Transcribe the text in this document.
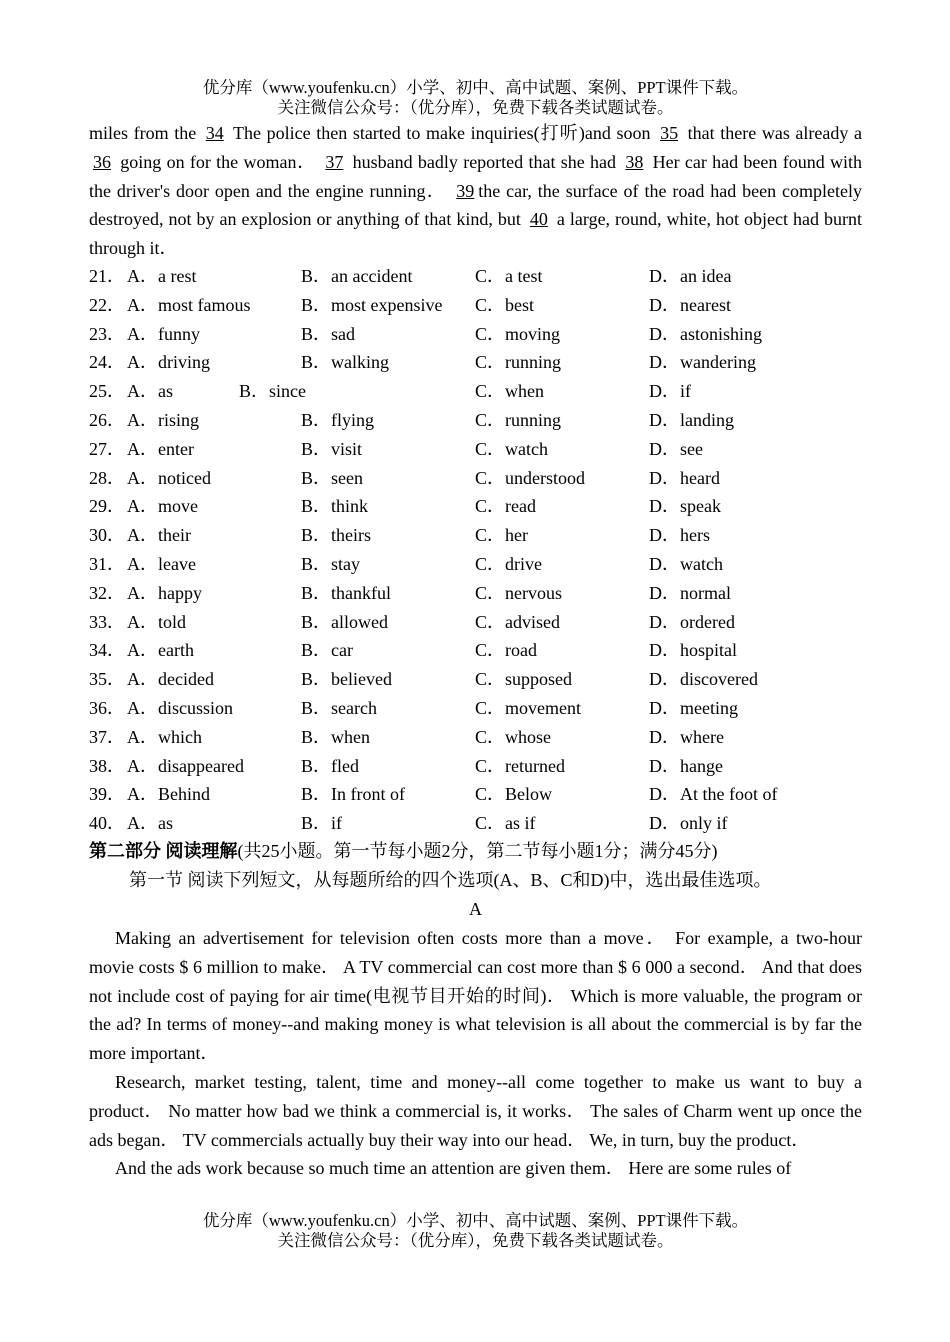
优分库（www.youfenku.cn）小学、初中、高中试题、案例、PPT课件下载。
关注微信公众号：（优分库），免费下载各类试题试卷。
miles from the 34 The police then started to make inquiries(打听)and soon 35 that there was already a 36 going on for the woman． 37 husband badly reported that she had 38 Her car had been found with the driver's door open and the engine running． 39 the car, the surface of the road had been completely destroyed, not by an explosion or anything of that kind, but 40 a large, round, white, hot object had burnt through it．
21． A．a rest	B．an accident	C．a test	D．an idea
22． A．most famous	B．most expensive C．best	D．nearest
23． A．funny	B．sad	C．moving	D．astonishing
24． A．driving	B．walking	C．running	D．wandering
25． A．as	B．since	C．when	D．if
26． A．rising	B．flying	C．running	D．landing
27． A．enter	B．visit	C．watch	D．see
28． A．noticed	B．seen	C．understood	D．heard
29． A．move	B．think	C．read	D．speak
30． A．their	B．theirs	C．her	D．hers
31． A．leave	B．stay	C．drive	D．watch
32． A．happy	B．thankful	C．nervous	D．normal
33． A．told	B．allowed	C．advised	D．ordered
34． A．earth	B．car	C．road	D．hospital
35． A．decided	B．believed	C．supposed	D．discovered
36． A．discussion	B．search	C．movement	D．meeting
37． A．which	B．when	C．whose	D．where
38． A．disappeared	B．fled	C．returned	D．hange
39． A．Behind	B．In front of	C．Below	D．At the foot of
40． A．as	B．if	C．as if	D．only if
第二部分 阅读理解(共25小题。第一节每小题2分，第二节每小题1分；满分45分)
第一节 阅读下列短文，从每题所给的四个选项(A、B、C和D)中，选出最佳选项。
A

Making an advertisement for television often costs more than a move． For example, a two-hour movie costs $ 6 million to make． A TV commercial can cost more than $ 6 000 a second． And that does not include cost of paying for air time(电视节目开始的时间)． Which is more valuable, the program or the ad? In terms of money--and making money is what television is all about the commercial is by far the more important．

Research, market testing, talent, time and money--all come together to make us want to buy a product． No matter how bad we think a commercial is, it works． The sales of Charm went up once the ads began． TV commercials actually buy their way into our head． We, in turn, buy the product．

And the ads work because so much time an attention are given them． Here are some rules of

优分库（www.youfenku.cn）小学、初中、高中试题、案例、PPT课件下载。
关注微信公众号：（优分库），免费下载各类试题试卷。
